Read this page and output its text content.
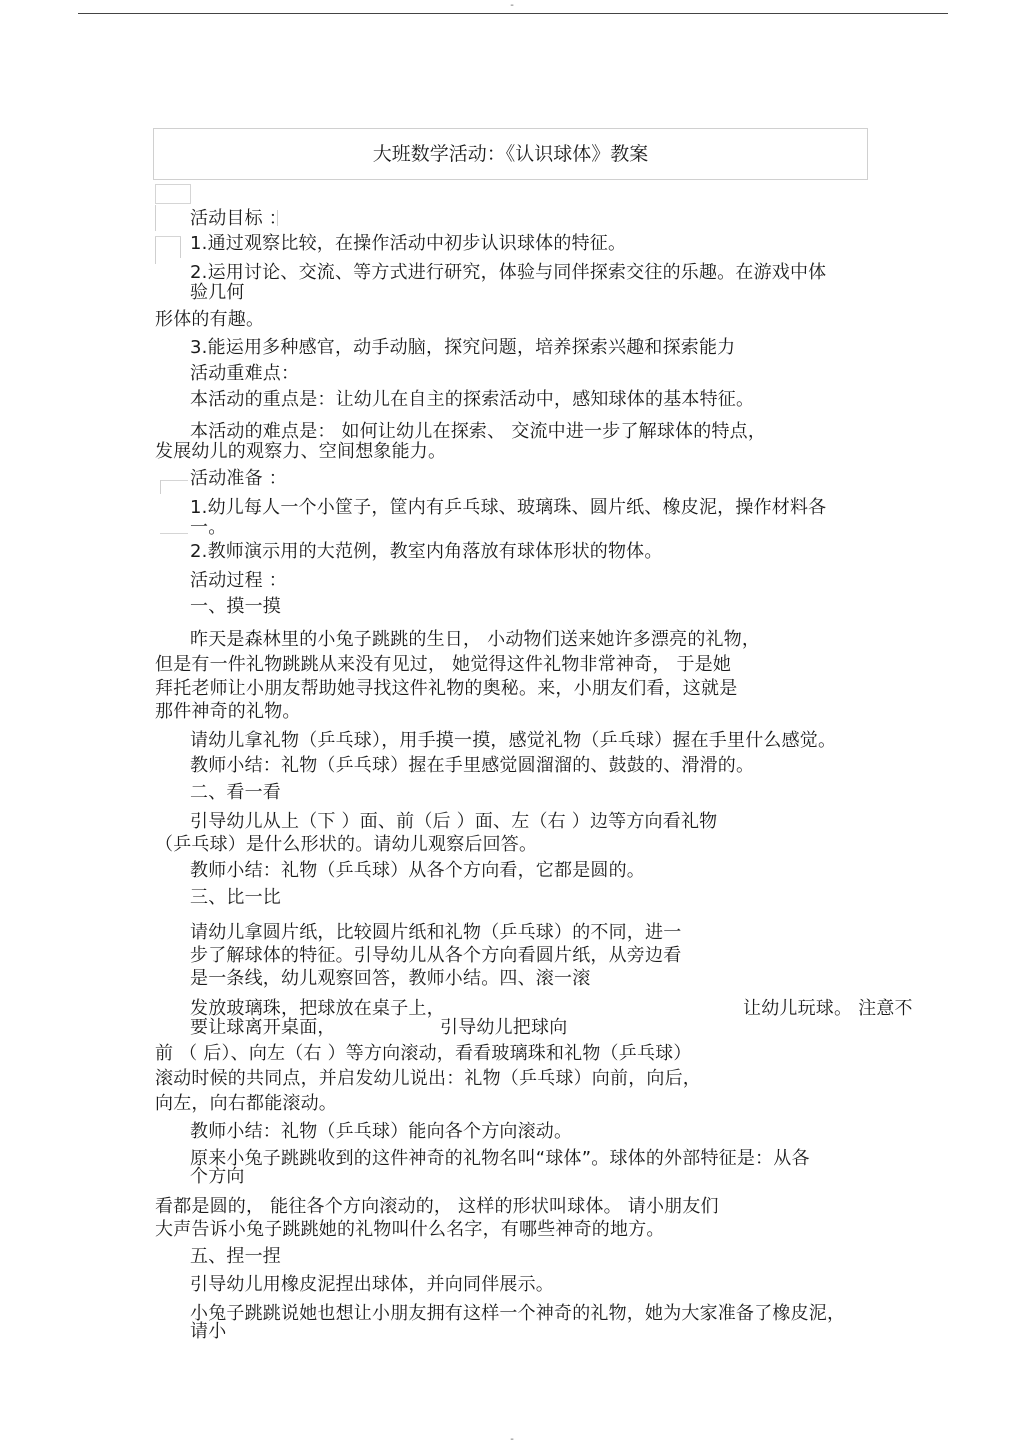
-
大班数学活动：《认识球体》教案
活动目标 ：
1.通过观察比较，在操作活动中初步认识球体的特征。
2.运用讨论、交流、等方式进行研究，体验与同伴探索交往的乐趣。在游戏中体
验几何
形体的有趣。
3.能运用多种感官，动手动脑，探究问题，培养探索兴趣和探索能力
活动重难点：
本活动的重点是：让幼儿在自主的探索活动中，感知球体的基本特征。
本活动的难点是： 如何让幼儿在探索、 交流中进一步了解球体的特点，
发展幼儿的观察力、空间想象能力。
活动准备 ：
1.幼儿每人一个小筐子，筐内有乒乓球、玻璃珠、圆片纸、橡皮泥，操作材料各
一。
2.教师演示用的大范例，教室内角落放有球体形状的物体。
活动过程 ：
一、摸一摸
昨天是森林里的小兔子跳跳的生日， 小动物们送来她许多漂亮的礼物，
但是有一件礼物跳跳从来没有见过， 她觉得这件礼物非常神奇， 于是她
拜托老师让小朋友帮助她寻找这件礼物的奥秘。来，小朋友们看，这就是
那件神奇的礼物。
请幼儿拿礼物（乒乓球），用手摸一摸，感觉礼物（乒乓球）握在手里什么感觉。
教师小结：礼物（乒乓球）握在手里感觉圆溜溜的、鼓鼓的、滑滑的。
二、看一看
引导幼儿从上（下 ）面、前（后 ）面、左（右 ）边等方向看礼物
（乒乓球）是什么形状的。请幼儿观察后回答。
教师小结：礼物（乒乓球）从各个方向看，它都是圆的。
三、比一比
请幼儿拿圆片纸，比较圆片纸和礼物（乒乓球）的不同，进一
步了解球体的特征。引导幼儿从各个方向看圆片纸，从旁边看
是一条线，幼儿观察回答，教师小结。四、滚一滚
发放玻璃珠，把球放在桌子上，	让幼儿玩球。 注意不
要让球离开桌面，	引导幼儿把球向
前 （ 后）、向左（右 ）等方向滚动，看看玻璃珠和礼物（乒乓球）
滚动时候的共同点，并启发幼儿说出：礼物（乒乓球）向前，向后，
向左，向右都能滚动。
教师小结：礼物（乒乓球）能向各个方向滚动。
原来小兔子跳跳收到的这件神奇的礼物名叫“球体”。球体的外部特征是：从各
个方向
看都是圆的， 能往各个方向滚动的， 这样的形状叫球体。 请小朋友们
大声告诉小兔子跳跳她的礼物叫什么名字，有哪些神奇的地方。
五、捏一捏
引导幼儿用橡皮泥捏出球体，并向同伴展示。
小兔子跳跳说她也想让小朋友拥有这样一个神奇的礼物，她为大家准备了橡皮泥，
请小
-
